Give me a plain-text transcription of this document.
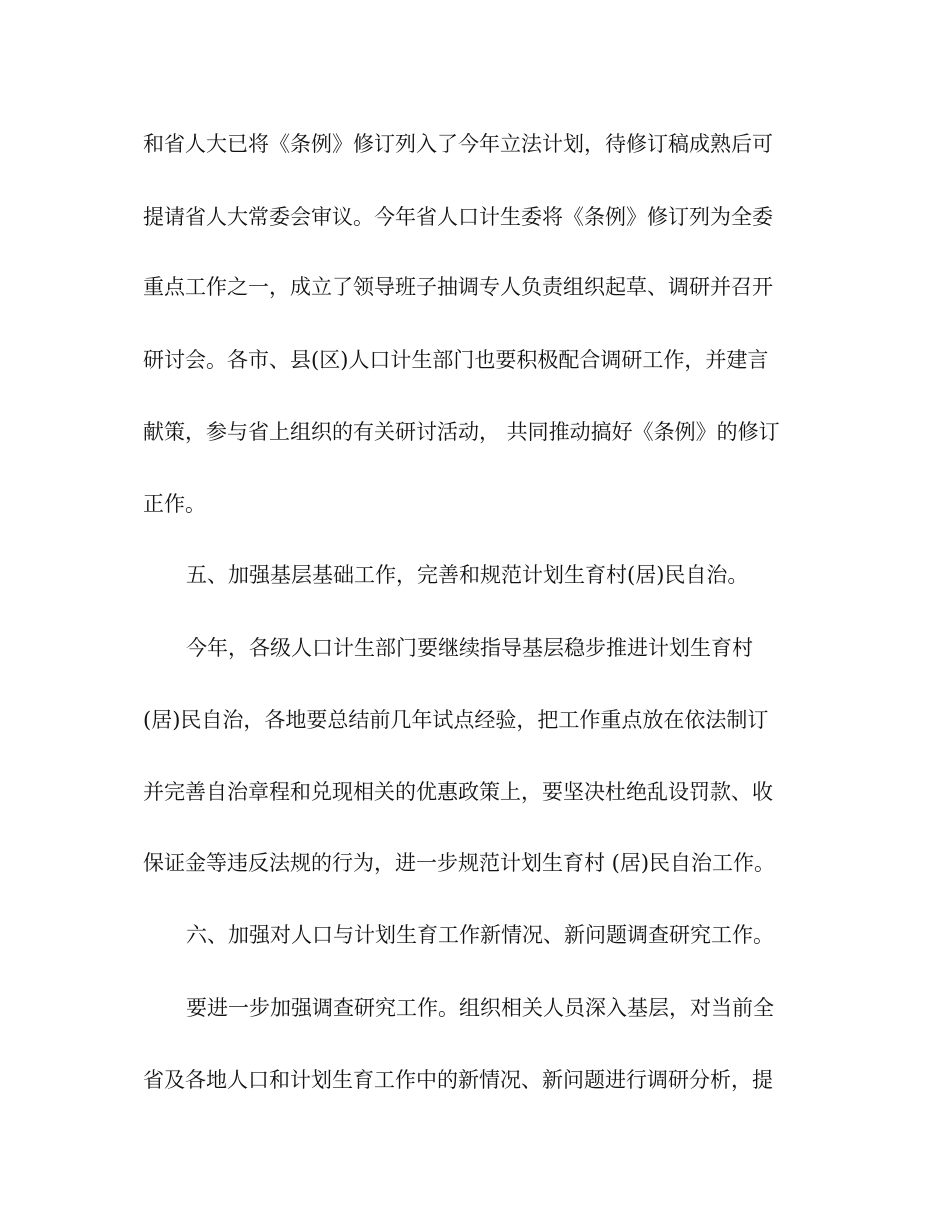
和省人大已将《条例》修订列入了今年立法计划，待修订稿成熟后可
提请省人大常委会审议。今年省人口计生委将《条例》修订列为全委
重点工作之一，成立了领导班子抽调专人负责组织起草、调研并召开
研讨会。各市、县(区)人口计生部门也要积极配合调研工作，并建言
献策，参与省上组织的有关研讨活动， 共同推动搞好《条例》的修订
正作。
五、加强基层基础工作，完善和规范计划生育村(居)民自治。
今年，各级人口计生部门要继续指导基层稳步推进计划生育村
(居)民自治，各地要总结前几年试点经验，把工作重点放在依法制订
并完善自治章程和兑现相关的优惠政策上，要坚决杜绝乱设罚款、收
保证金等违反法规的行为，进一步规范计划生育村 (居)民自治工作。
六、加强对人口与计划生育工作新情况、新问题调查研究工作。
要进一步加强调查研究工作。组织相关人员深入基层，对当前全
省及各地人口和计划生育工作中的新情况、新问题进行调研分析，提
